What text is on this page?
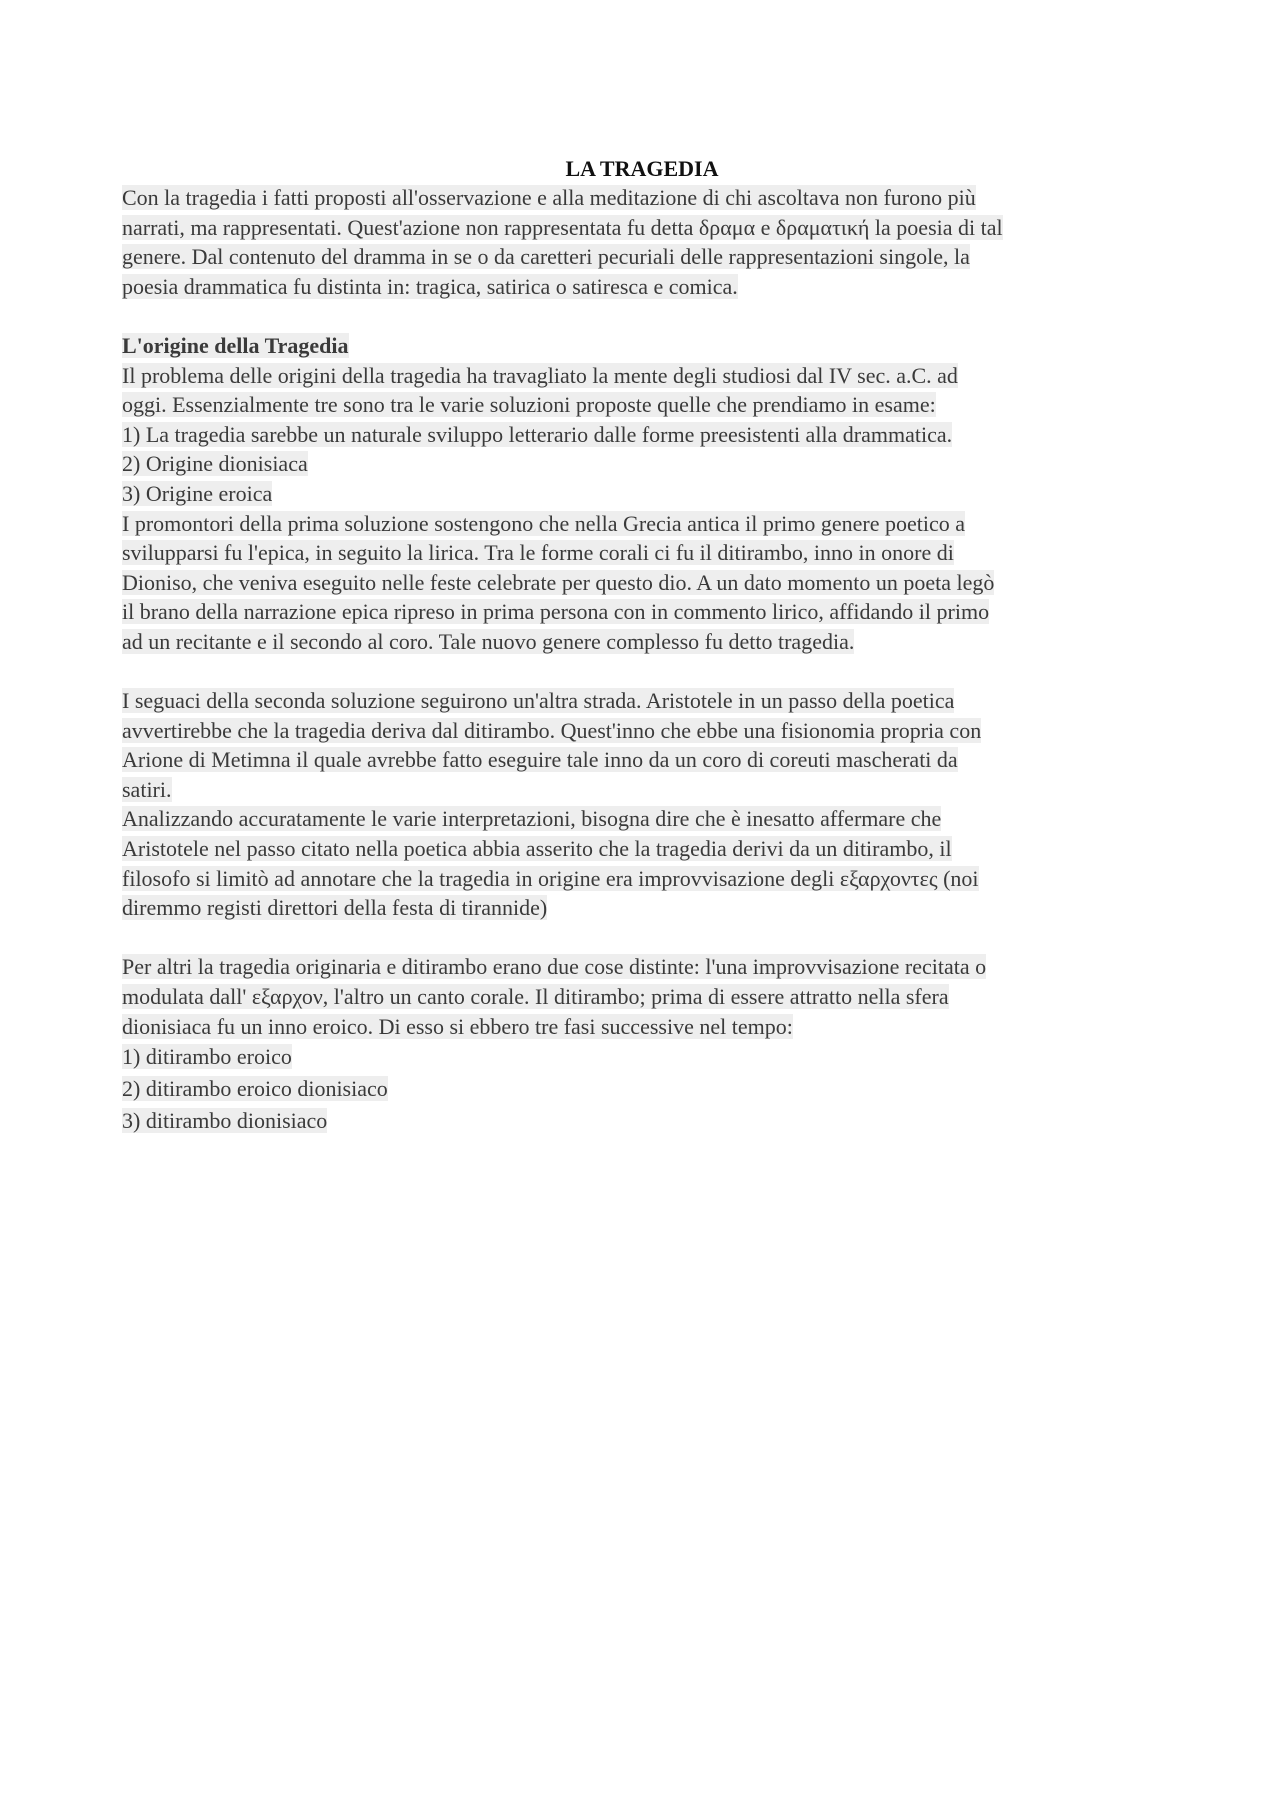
LA TRAGEDIA
Con la tragedia i fatti proposti all'osservazione e alla meditazione di chi ascoltava non furono più
narrati, ma rappresentati. Quest'azione non rappresentata fu detta δραμα e δραματική la poesia di tal
genere. Dal contenuto del dramma in se o da caretteri pecuriali delle rappresentazioni singole, la
poesia drammatica fu distinta in: tragica, satirica o satiresca e comica.
L'origine della Tragedia
Il problema delle origini della tragedia ha travagliato la mente degli studiosi dal IV sec. a.C. ad
oggi. Essenzialmente tre sono tra le varie soluzioni proposte quelle che prendiamo in esame:
1) La tragedia sarebbe un naturale sviluppo letterario dalle forme preesistenti alla drammatica.
2) Origine dionisiaca
3) Origine eroica
I promontori della prima soluzione sostengono che nella Grecia antica il primo genere poetico a
svilupparsi fu l'epica, in seguito la lirica. Tra le forme corali ci fu il ditirambo, inno in onore di
Dioniso, che veniva eseguito nelle feste celebrate per questo dio. A un dato momento un poeta legò
il brano della narrazione epica ripreso in prima persona con in commento lirico, affidando il primo
ad un recitante e il secondo al coro. Tale nuovo genere complesso fu detto tragedia.
I seguaci della seconda soluzione seguirono un'altra strada. Aristotele in un passo della poetica
avvertirebbe che la tragedia deriva dal ditirambo. Quest'inno che ebbe una fisionomia propria con
Arione di Metimna il quale avrebbe fatto eseguire tale inno da un coro di coreuti mascherati da
satiri.
Analizzando accuratamente le varie interpretazioni, bisogna dire che è inesatto affermare che
Aristotele nel passo citato nella poetica abbia asserito che la tragedia derivi da un ditirambo, il
filosofo si limitò ad annotare che la tragedia in origine era improvvisazione degli εξαρχοντες (noi
diremmo registi direttori della festa di tirannide)
Per altri la tragedia originaria e ditirambo erano due cose distinte: l'una improvvisazione recitata o
modulata dall' εξαρχον, l'altro un canto corale. Il ditirambo; prima di essere attratto nella sfera
dionisiaca fu un inno eroico. Di esso si ebbero tre fasi successive nel tempo:
1) ditirambo eroico
2) ditirambo eroico dionisiaco
3) ditirambo dionisiaco
